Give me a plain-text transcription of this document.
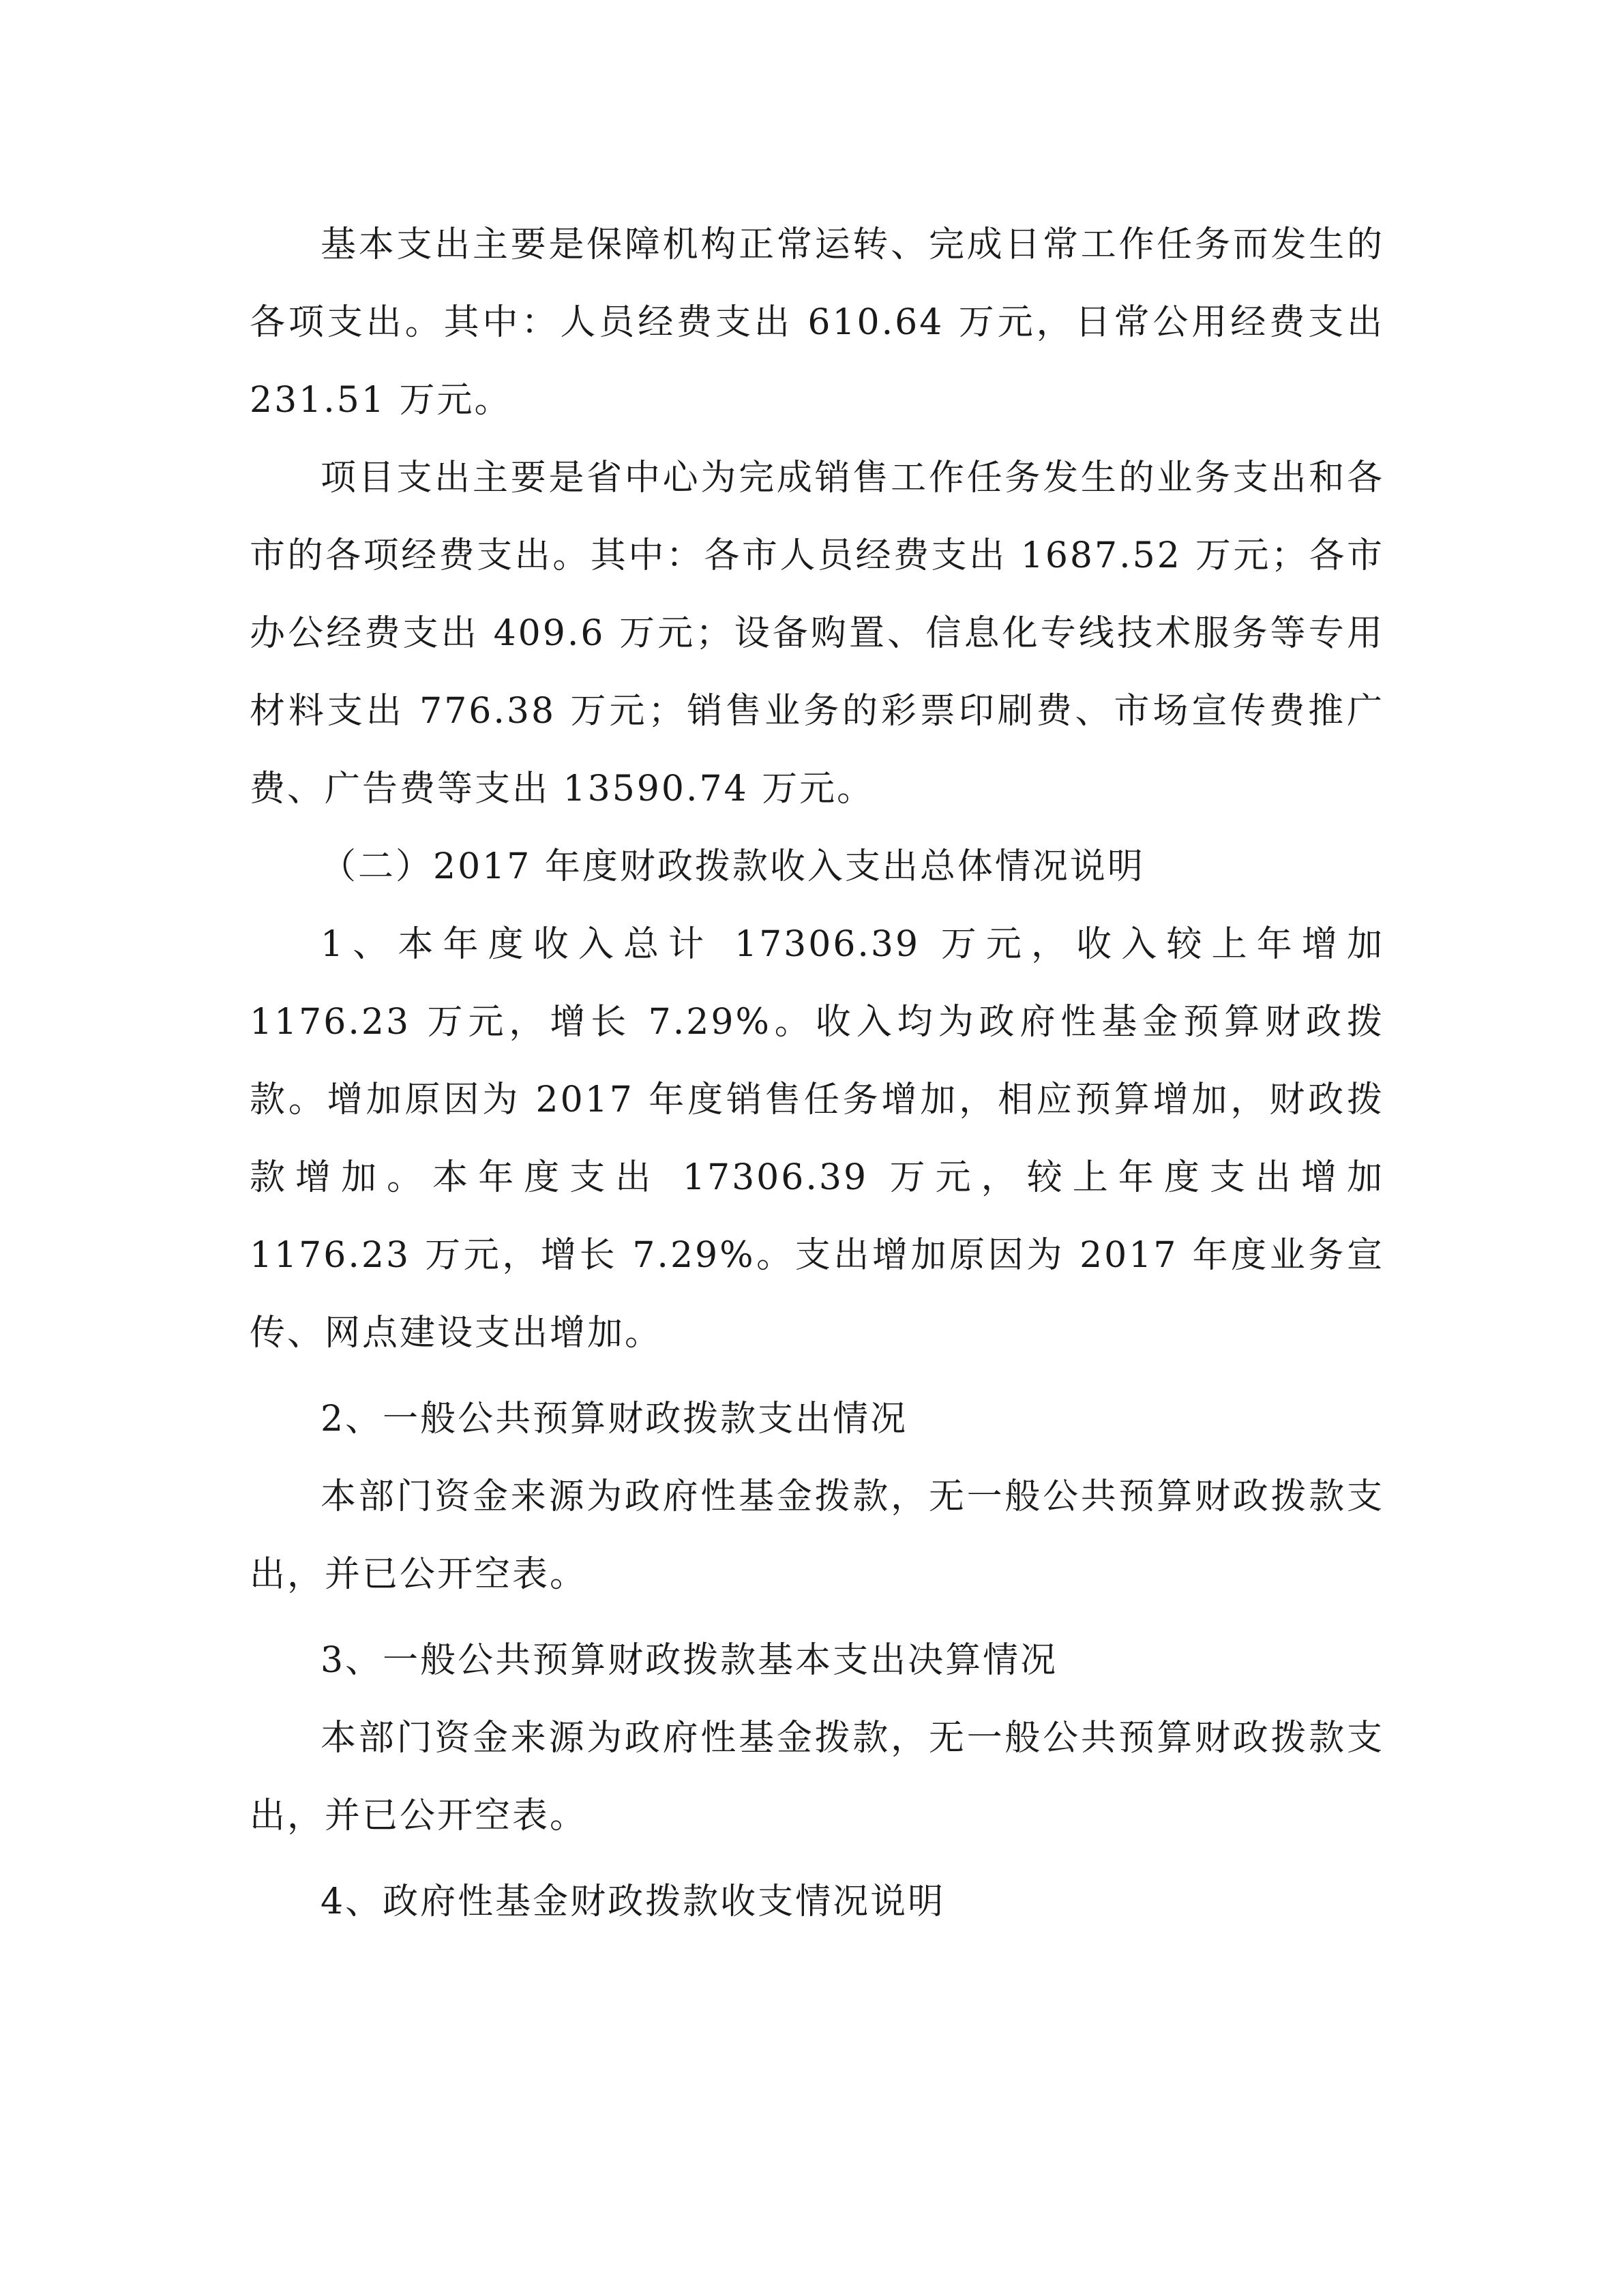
基本支出主要是保障机构正常运转、完成日常工作任务而发生的各项支出。其中：人员经费支出 610.64 万元，日常公用经费支出 231.51 万元。

项目支出主要是省中心为完成销售工作任务发生的业务支出和各市的各项经费支出。其中：各市人员经费支出 1687.52 万元；各市办公经费支出 409.6 万元；设备购置、信息化专线技术服务等专用材料支出 776.38 万元；销售业务的彩票印刷费、市场宣传费推广费、广告费等支出 13590.74 万元。

（二）2017 年度财政拨款收入支出总体情况说明

1、本年度收入总计 17306.39 万元，收入较上年增加 1176.23 万元，增长 7.29%。收入均为政府性基金预算财政拨款。增加原因为 2017 年度销售任务增加，相应预算增加，财政拨款增加。本年度支出 17306.39 万元，较上年度支出增加 1176.23 万元，增长 7.29%。支出增加原因为 2017 年度业务宣传、网点建设支出增加。

2、一般公共预算财政拨款支出情况

本部门资金来源为政府性基金拨款，无一般公共预算财政拨款支出，并已公开空表。

3、一般公共预算财政拨款基本支出决算情况

本部门资金来源为政府性基金拨款，无一般公共预算财政拨款支出，并已公开空表。

4、政府性基金财政拨款收支情况说明
